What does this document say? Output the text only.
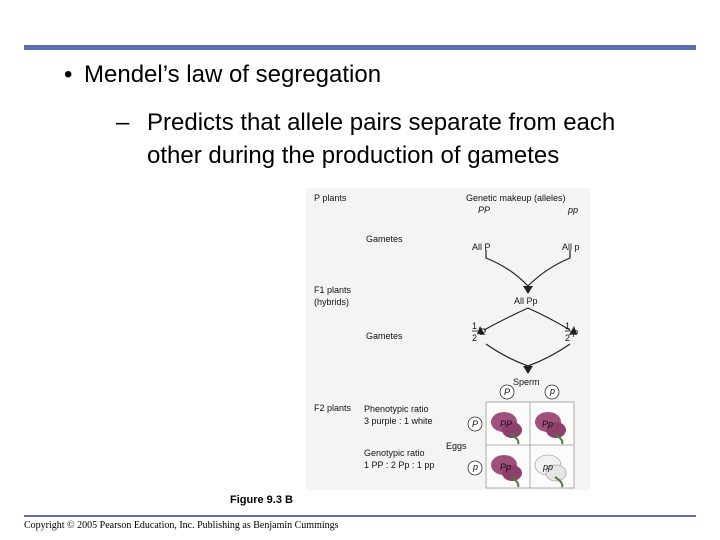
• Mendel’s law of segregation
– Predicts that allele pairs separate from each other during the production of gametes
P plants	Genetic makeup (alleles)
PP	pp
Gametes
All P	All p
F1 plants
(hybrids)	All Pp
Gametes
1
2
P
1
2
p
Sperm
P	p
F2 plants Phenotypic ratio
3 purple : 1 white
Genotypic ratio
1 PP : 2 Pp : 1 pp
Eggs
P
p
PP	Pp
Pp	pp
Figure 9.3 B
Copyright © 2005 Pearson Education, Inc. Publishing as Benjamin Cummings
